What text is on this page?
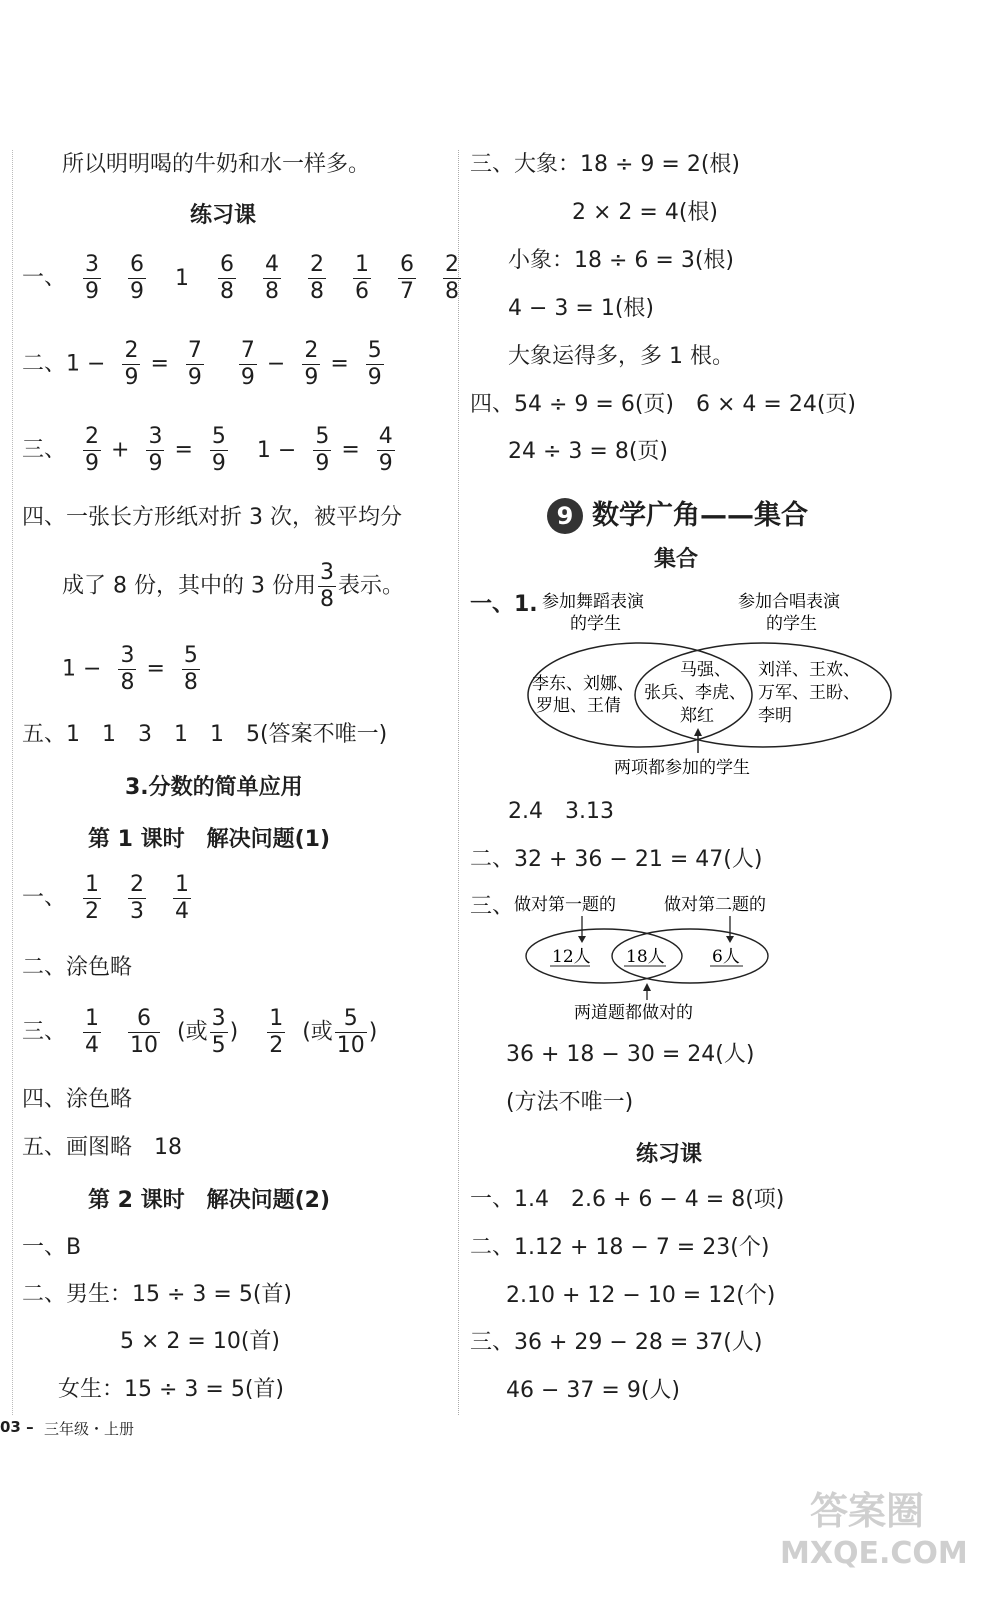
所以明明喝的牛奶和水一样多。
练习课
一、 $\frac{3}{9}$
$\frac{6}{9} 1 \frac{6}{8}$
$\frac{4}{8}$
$\frac{2}{8}$
$\frac{1}{6}$
$\frac{6}{7}$
$\frac{2}{8}$
二、$1 - \frac{2}{9} = \frac{7}{9}$
$\frac{7}{9} - \frac{2}{9} = \frac{5}{9}$
三、 $\frac{2}{9} + \frac{3}{9} = \frac{5}{9} 1 - \frac{5}{9} = \frac{4}{9}$
四、一张长方形纸对折 3 次，被平均分
成了 8 份，其中的 3 份用 $\frac{3}{8}$ 表示。
$1 - \frac{3}{8} = \frac{5}{8}$
五、1　1　3　1　1　5(答案不唯一)
3.分数的简单应用
第 1 课时　解决问题(1)
一、 $\frac{1}{2}$
$\frac{2}{3}$
$\frac{1}{4}$
二、涂色略
三、 $\frac{1}{4}$
$\frac{6}{10}$ (或 $\frac{3}{5}$ ) $\frac{1}{2}$ (或 $\frac{5}{10}$ )
四、涂色略
五、画图略　18
第 2 课时　解决问题(2)
一、B
二、男生：15 ÷ 3 = 5(首)
5 × 2 = 10(首)
女生：15 ÷ 3 = 5(首)
三、大象：18 ÷ 9 = 2(根)
2 × 2 = 4(根)
小象：18 ÷ 6 = 3(根)
4 − 3 = 1(根)
大象运得多，多 1 根。
四、54 ÷ 9 = 6(页)　6 × 4 = 24(页)
24 ÷ 3 = 8(页)
9 数学广角——集合
集合
一、1. 参加舞蹈表演
的学生
参加合唱表演
的学生
李东、刘娜、
罗旭、王倩
马强、
张兵、李虎、
郑红
刘洋、王欢、
万军、王盼、
李明
两项都参加的学生
2.4　3.13
二、32 + 36 − 21 = 47(人)
三、 做对第一题的	做对第二题的
12人 18人	6人
两道题都做对的
36 + 18 − 30 = 24(人)
(方法不唯一)
练习课
一、1.4　2.6 + 6 − 4 = 8(项)
二、1.12 + 18 − 7 = 23(个)
2.10 + 12 − 10 = 12(个)
三、36 + 29 − 28 = 37(人)
46 − 37 = 9(人)
03 – 三年级・上册
答案圈
MXQE.COM
